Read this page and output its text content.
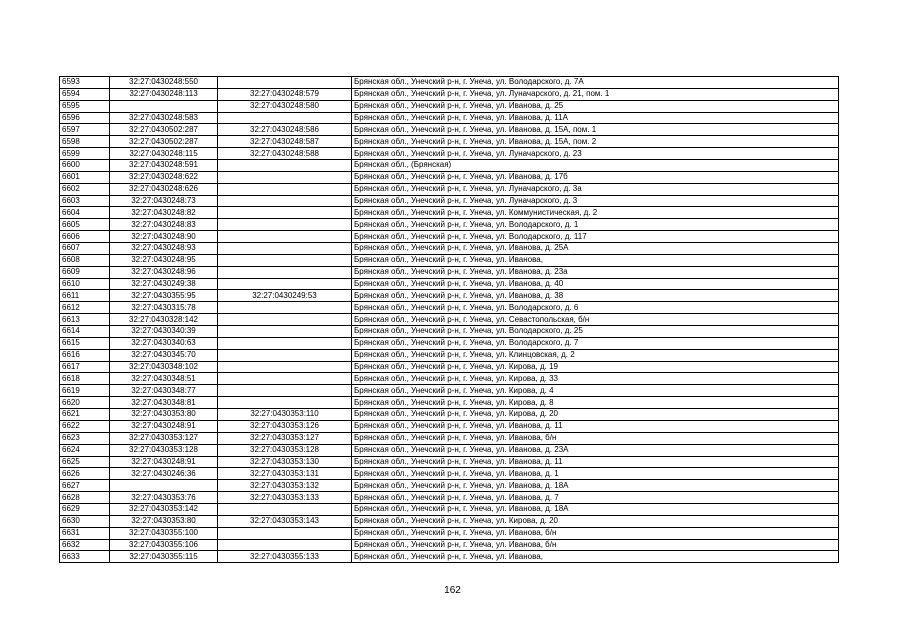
6593	32:27:0430248:550		Брянская обл., Унечский р-н, г. Унеча, ул. Володарского, д. 7А
6594	32:27:0430248:113	32:27:0430248:579	Брянская обл., Унечский р-н, г. Унеча, ул. Луначарского, д. 21, пом. 1
6595		32:27:0430248:580	Брянская обл., Унечский р-н, г. Унеча, ул. Иванова, д. 25
6596	32:27:0430248:583		Брянская обл., Унечский р-н, г. Унеча, ул. Иванова, д. 11А
6597	32:27:0430502:287	32:27:0430248:586	Брянская обл., Унечский р-н, г. Унеча, ул. Иванова, д. 15А, пом. 1
6598	32:27:0430502:287	32:27:0430248:587	Брянская обл., Унечский р-н, г. Унеча, ул. Иванова, д. 15А, пом. 2
6599	32:27:0430248:115	32:27:0430248:588	Брянская обл., Унечский р-н, г. Унеча, ул. Луначарского, д. 23
6600	32:27:0430248:591		Брянская обл., (Брянская)
6601	32:27:0430248:622		Брянская обл., Унечский р-н, г. Унеча, ул. Иванова, д. 17б
6602	32:27:0430248:626		Брянская обл., Унечский р-н, г. Унеча, ул. Луначарского, д. 3а
6603	32:27:0430248:73		Брянская обл., Унечский р-н, г. Унеча, ул. Луначарского, д. 3
6604	32:27:0430248:82		Брянская обл., Унечский р-н, г. Унеча, ул. Коммунистическая, д. 2
6605	32:27:0430248:83		Брянская обл., Унечский р-н, г. Унеча, ул. Володарского, д. 1
6606	32:27:0430248:90		Брянская обл., Унечский р-н, г. Унеча, ул. Володарского, д. 117
6607	32:27:0430248:93		Брянская обл., Унечский р-н, г. Унеча, ул. Иванова, д. 25А
6608	32:27:0430248:95		Брянская обл., Унечский р-н, г. Унеча, ул. Иванова,
6609	32:27:0430248:96		Брянская обл., Унечский р-н, г. Унеча, ул. Иванова, д. 23а
6610	32:27:0430249:38		Брянская обл., Унечский р-н, г. Унеча, ул. Иванова, д. 40
6611	32:27:0430355:95	32:27:0430249:53	Брянская обл., Унечский р-н, г. Унеча, ул. Иванова, д. 38
6612	32:27:0430315:78		Брянская обл., Унечский р-н, г. Унеча, ул. Володарского, д. 6
6613	32:27:0430328:142		Брянская обл., Унечский р-н, г. Унеча, ул. Севастопольская, б/н
6614	32:27:0430340:39		Брянская обл., Унечский р-н, г. Унеча, ул. Володарского, д. 25
6615	32:27:0430340:63		Брянская обл., Унечский р-н, г. Унеча, ул. Володарского, д. 7
6616	32:27:0430345:70		Брянская обл., Унечский р-н, г. Унеча, ул. Клинцовская, д. 2
6617	32:27:0430348:102		Брянская обл., Унечский р-н, г. Унеча, ул. Кирова, д. 19
6618	32:27:0430348:51		Брянская обл., Унечский р-н, г. Унеча, ул. Кирова, д. 33
6619	32:27:0430348:77		Брянская обл., Унечский р-н, г. Унеча, ул. Кирова, д. 4
6620	32:27:0430348:81		Брянская обл., Унечский р-н, г. Унеча, ул. Кирова, д. 8
6621	32:27:0430353:80	32:27:0430353:110	Брянская обл., Унечский р-н, г. Унеча, ул. Кирова, д. 20
6622	32:27:0430248:91	32:27:0430353:126	Брянская обл., Унечский р-н, г. Унеча, ул. Иванова, д. 11
6623	32:27:0430353:127	32:27:0430353:127	Брянская обл., Унечский р-н, г. Унеча, ул. Иванова, б/н
6624	32:27:0430353:128	32:27:0430353:128	Брянская обл., Унечский р-н, г. Унеча, ул. Иванова, д. 23А
6625	32:27:0430248:91	32:27:0430353:130	Брянская обл., Унечский р-н, г. Унеча, ул. Иванова, д. 11
6626	32:27:0430246:36	32:27:0430353:131	Брянская обл., Унечский р-н, г. Унеча, ул. Иванова, д. 1
6627		32:27:0430353:132	Брянская обл., Унечский р-н, г. Унеча, ул. Иванова, д. 18А
6628	32:27:0430353:76	32:27:0430353:133	Брянская обл., Унечский р-н, г. Унеча, ул. Иванова, д. 7
6629	32:27:0430353:142		Брянская обл., Унечский р-н, г. Унеча, ул. Иванова, д. 18А
6630	32:27:0430353:80	32:27:0430353:143	Брянская обл., Унечский р-н, г. Унеча, ул. Кирова, д. 20
6631	32:27:0430355:100		Брянская обл., Унечский р-н, г. Унеча, ул. Иванова, б/н
6632	32:27:0430355:106		Брянская обл., Унечский р-н, г. Унеча, ул. Иванова, б/н
6633	32:27:0430355:115	32:27:0430355:133	Брянская обл., Унечский р-н, г. Унеча, ул. Иванова,
162
